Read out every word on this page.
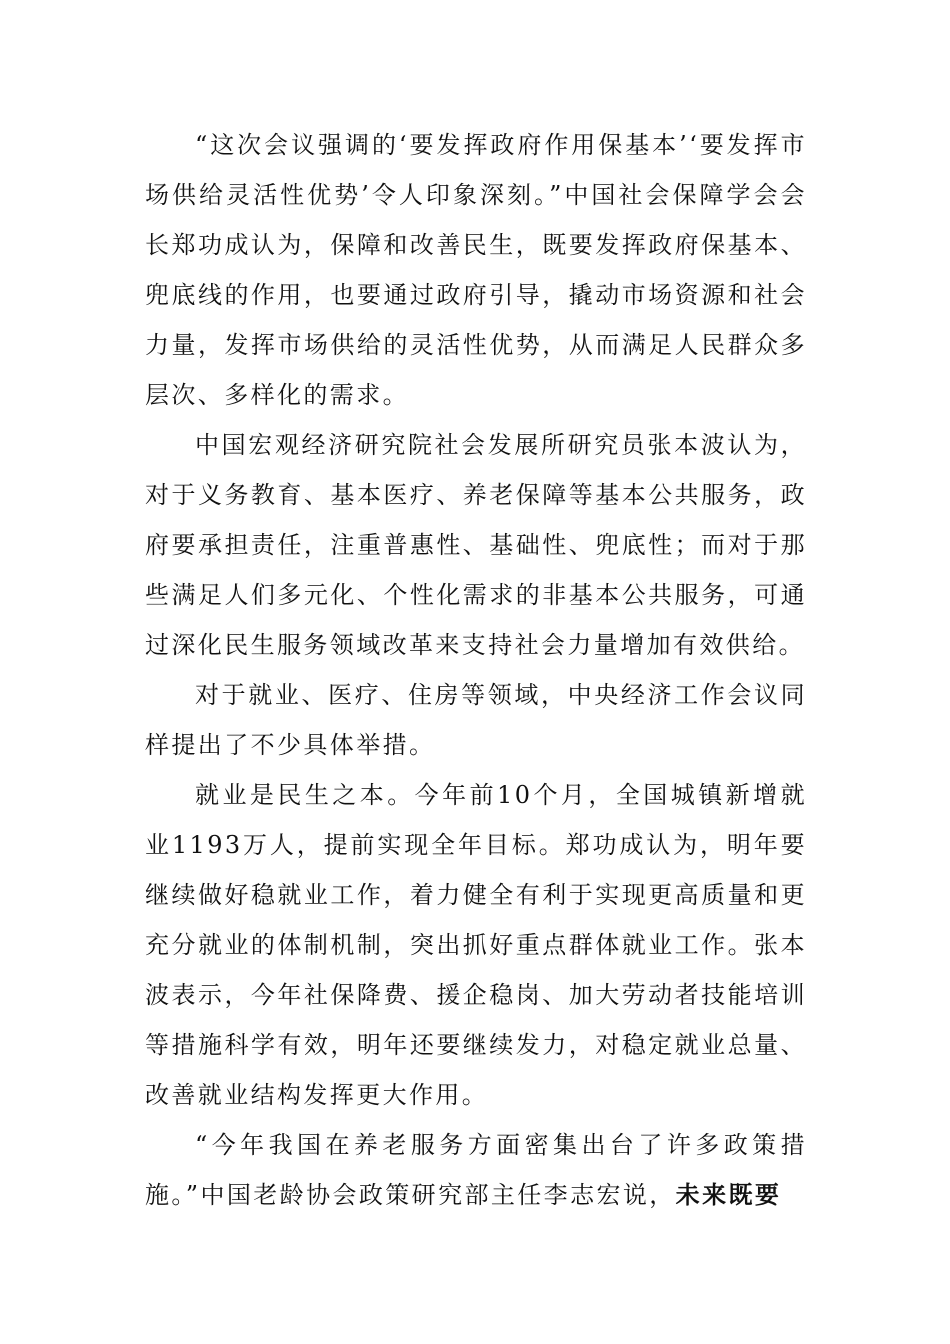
“这次会议强调的‘要发挥政府作用保基本’‘要发挥市场供给灵活性优势’令人印象深刻。”中国社会保障学会会长郑功成认为，保障和改善民生，既要发挥政府保基本、兜底线的作用，也要通过政府引导，撬动市场资源和社会力量，发挥市场供给的灵活性优势，从而满足人民群众多层次、多样化的需求。

中国宏观经济研究院社会发展所研究员张本波认为，对于义务教育、基本医疗、养老保障等基本公共服务，政府要承担责任，注重普惠性、基础性、兜底性；而对于那些满足人们多元化、个性化需求的非基本公共服务，可通过深化民生服务领域改革来支持社会力量增加有效供给。

对于就业、医疗、住房等领域，中央经济工作会议同样提出了不少具体举措。

就业是民生之本。今年前10个月，全国城镇新增就业1193万人，提前实现全年目标。郑功成认为，明年要继续做好稳就业工作，着力健全有利于实现更高质量和更充分就业的体制机制，突出抓好重点群体就业工作。张本波表示，今年社保降费、援企稳岗、加大劳动者技能培训等措施科学有效，明年还要继续发力，对稳定就业总量、改善就业结构发挥更大作用。

“今年我国在养老服务方面密集出台了许多政策措施。”中国老龄协会政策研究部主任李志宏说，未来既要
